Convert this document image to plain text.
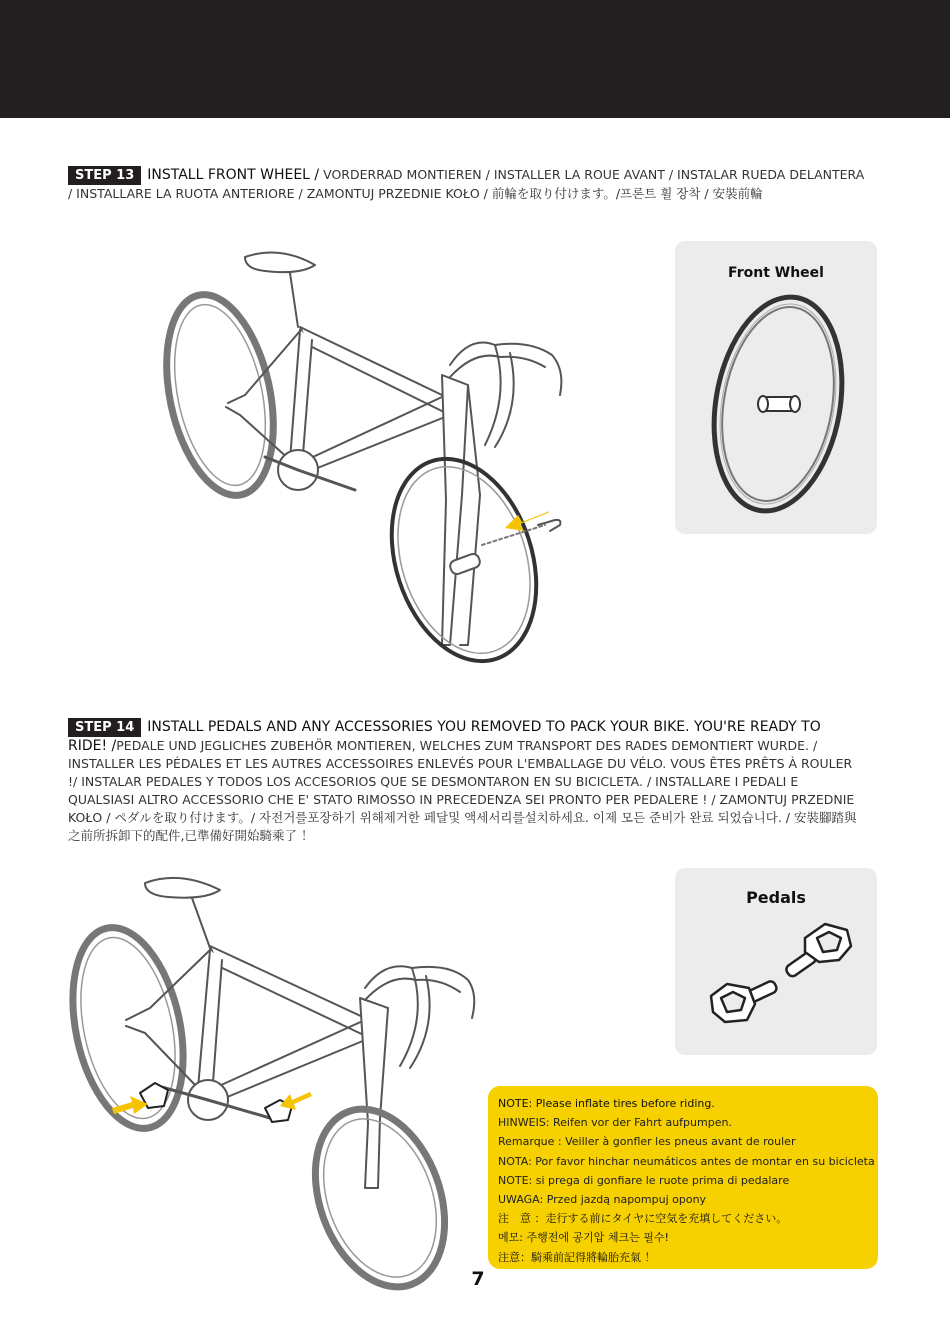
STEP 13 INSTALL FRONT WHEEL / VORDERRAD MONTIEREN / INSTALLER LA ROUE AVANT / INSTALAR RUEDA DELANTERA / INSTALLARE LA RUOTA ANTERIORE / ZAMONTUJ PRZEDNIE KOŁO / 前輪を取り付けます。/프론트 휠 장착 / 安裝前輪
Front Wheel
STEP 14 INSTALL PEDALS AND ANY ACCESSORIES YOU REMOVED TO PACK YOUR BIKE. YOU'RE READY TO RIDE! /PEDALE UND JEGLICHES ZUBEHÖR MONTIEREN, WELCHES ZUM TRANSPORT DES RADES DEMONTIERT WURDE. / INSTALLER LES PÉDALES ET LES AUTRES ACCESSOIRES ENLEVÉS POUR L'EMBALLAGE DU VÉLO. VOUS ÊTES PRÊTS À ROULER !/ INSTALAR PEDALES Y TODOS LOS ACCESORIOS QUE SE DESMONTARON EN SU BICICLETA. / INSTALLARE I PEDALI E QUALSIASI ALTRO ACCESSORIO CHE E' STATO RIMOSSO IN PRECEDENZA SEI PRONTO PER PEDALERE ! / ZAMONTUJ PRZEDNIE KOŁO / ペダルを取り付けます。/ 자전거를포장하기 위해제거한 페달및 액세서리를설치하세요. 이제 모든 준비가 완료 되었습니다. / 安裝腳踏與之前所拆卸下的配件,已準備好開始騎乘了 ！
Pedals
NOTE: Please inflate tires before riding.
HINWEIS: Reifen vor der Fahrt aufpumpen.
Remarque : Veiller à gonfler les pneus avant de rouler
NOTA: Por favor hinchar neumáticos antes de montar en su bicicleta
NOTE: si prega di gonfiare le ruote prima di pedalare
UWAGA: Przed jazdą napompuj opony
注　意 ：走行する前にタイヤに空気を充填してください。
메모: 주행전에 공기압 체크는 필수!
注意：騎乘前記得將輪胎充氣 ！
7
